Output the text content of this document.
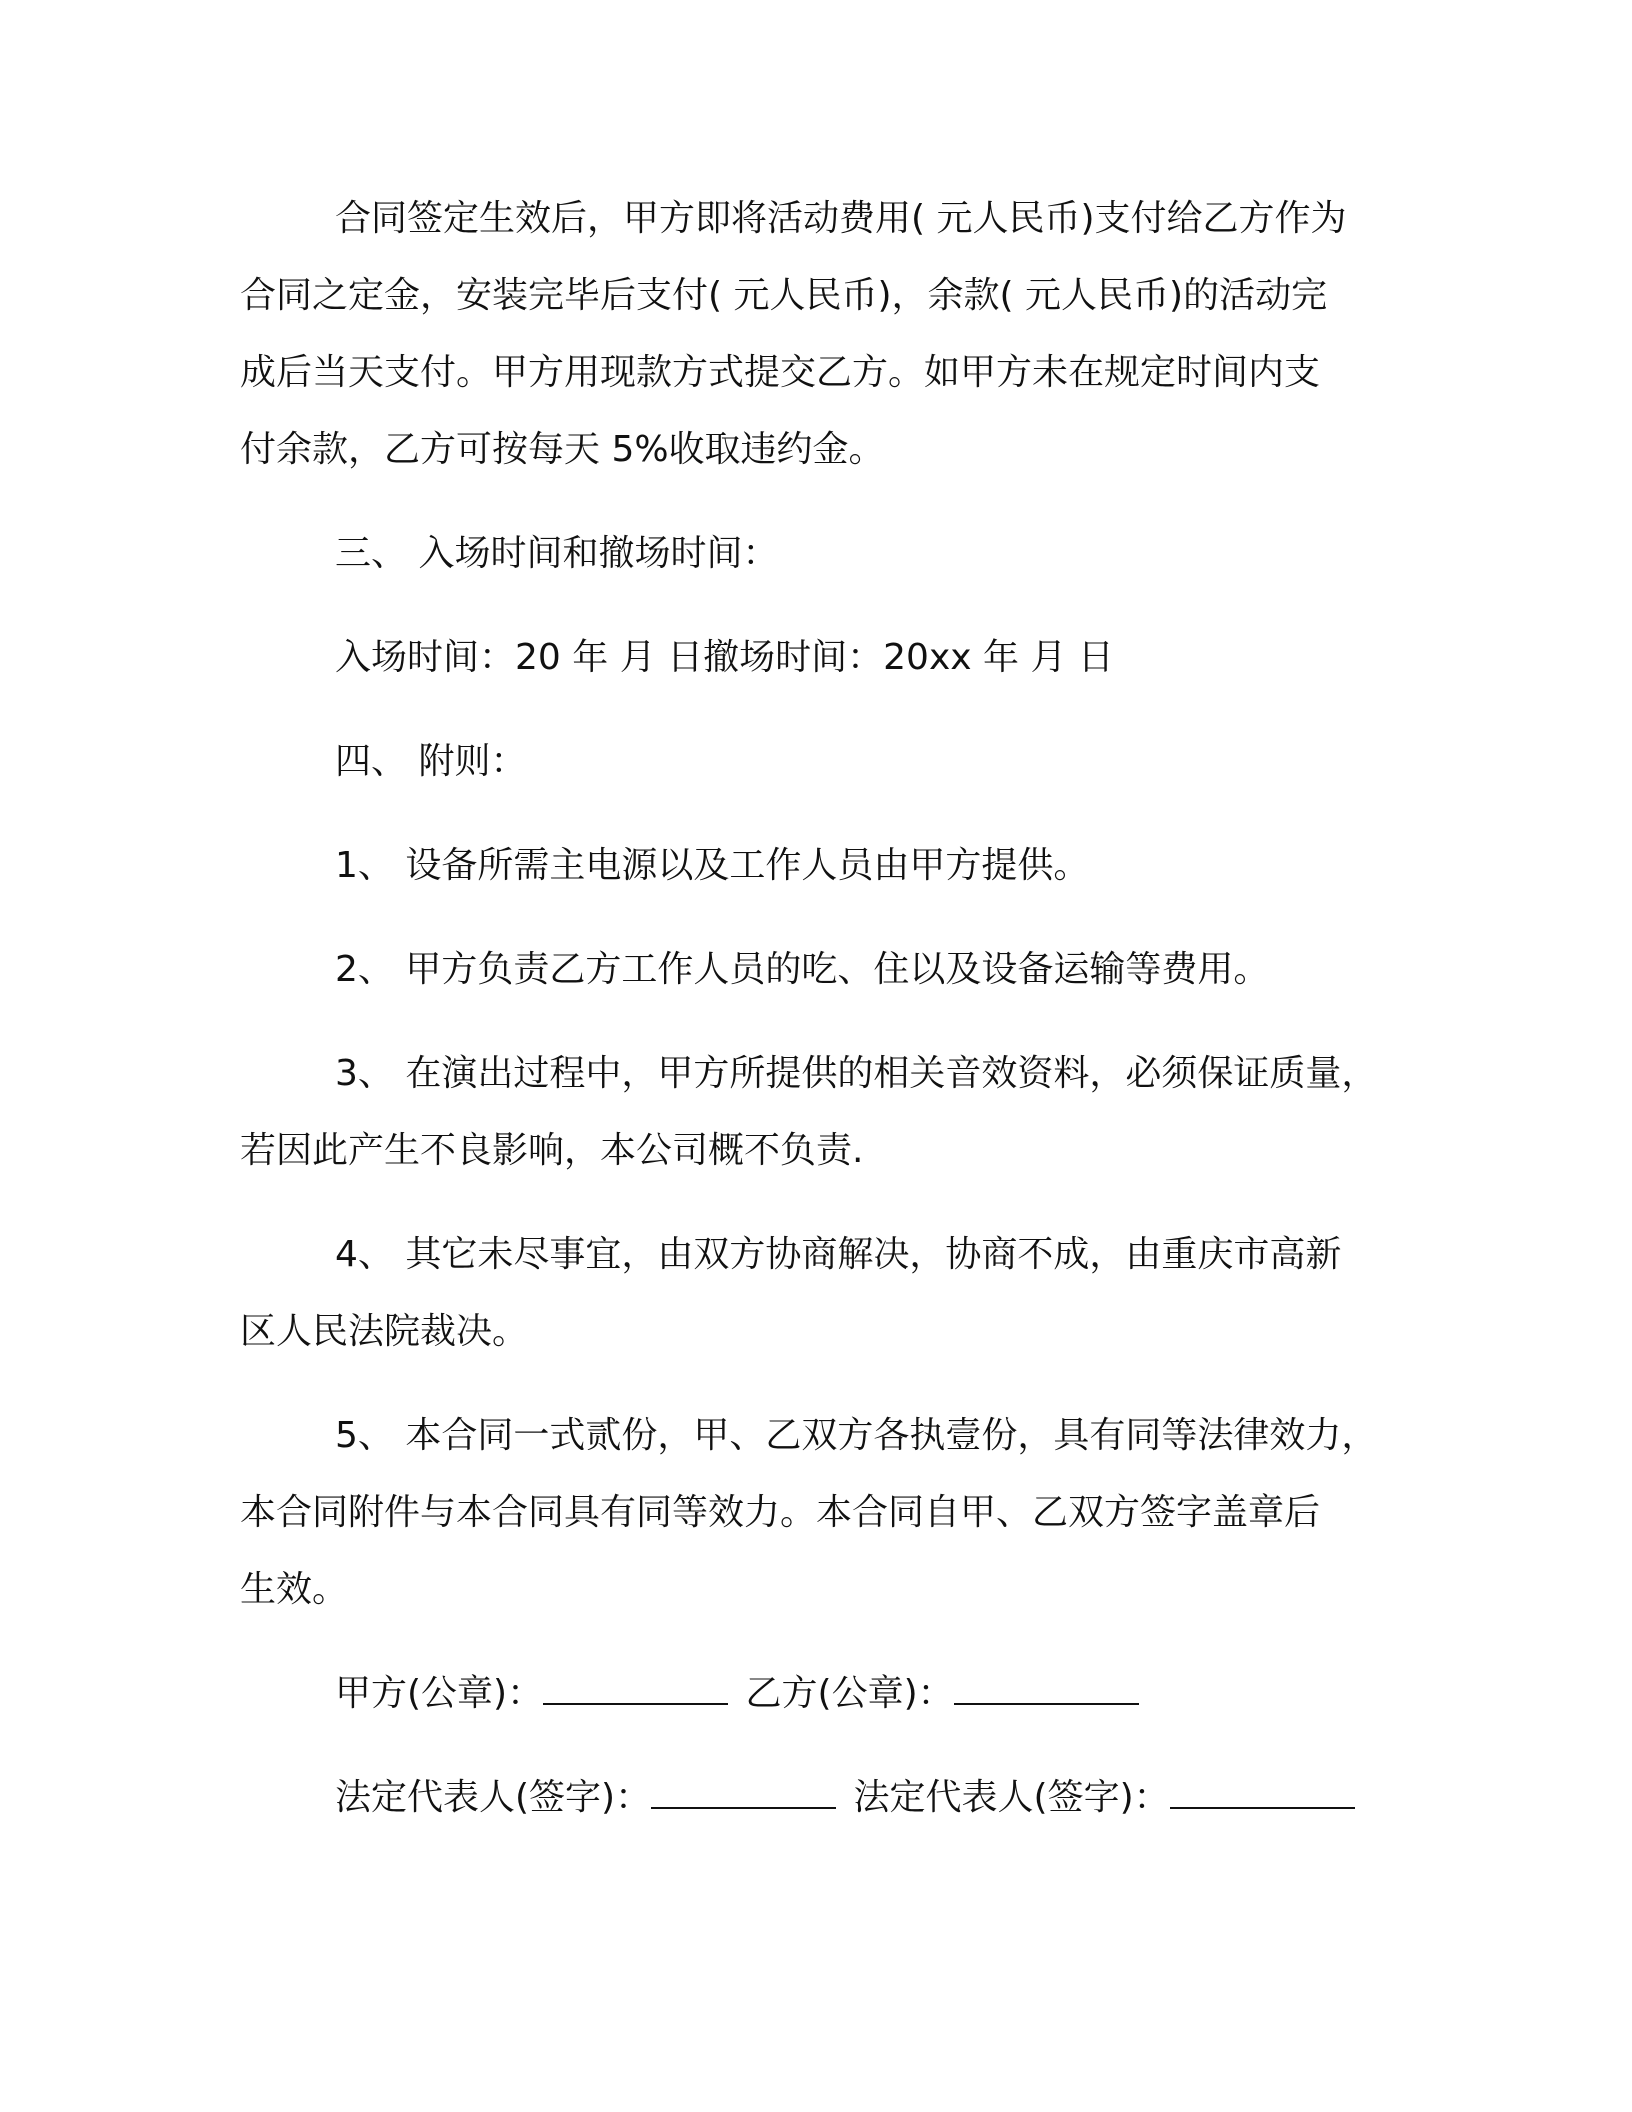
合同签定生效后，甲方即将活动费用( 元人民币)支付给乙方作为
合同之定金，安装完毕后支付( 元人民币)，余款( 元人民币)的活动完
成后当天支付。甲方用现款方式提交乙方。如甲方未在规定时间内支
付余款，乙方可按每天 5%收取违约金。
三、 入场时间和撤场时间：
入场时间：20 年 月 日撤场时间：20xx 年 月 日
四、 附则：
1、 设备所需主电源以及工作人员由甲方提供。
2、 甲方负责乙方工作人员的吃、住以及设备运输等费用。
3、 在演出过程中，甲方所提供的相关音效资料，必须保证质量，
若因此产生不良影响，本公司概不负责.
4、 其它未尽事宜，由双方协商解决，协商不成，由重庆市高新
区人民法院裁决。
5、 本合同一式贰份，甲、乙双方各执壹份，具有同等法律效力，
本合同附件与本合同具有同等效力。本合同自甲、乙双方签字盖章后
生效。
甲方(公章)：	乙方(公章)：
法定代表人(签字)：	法定代表人(签字)：
